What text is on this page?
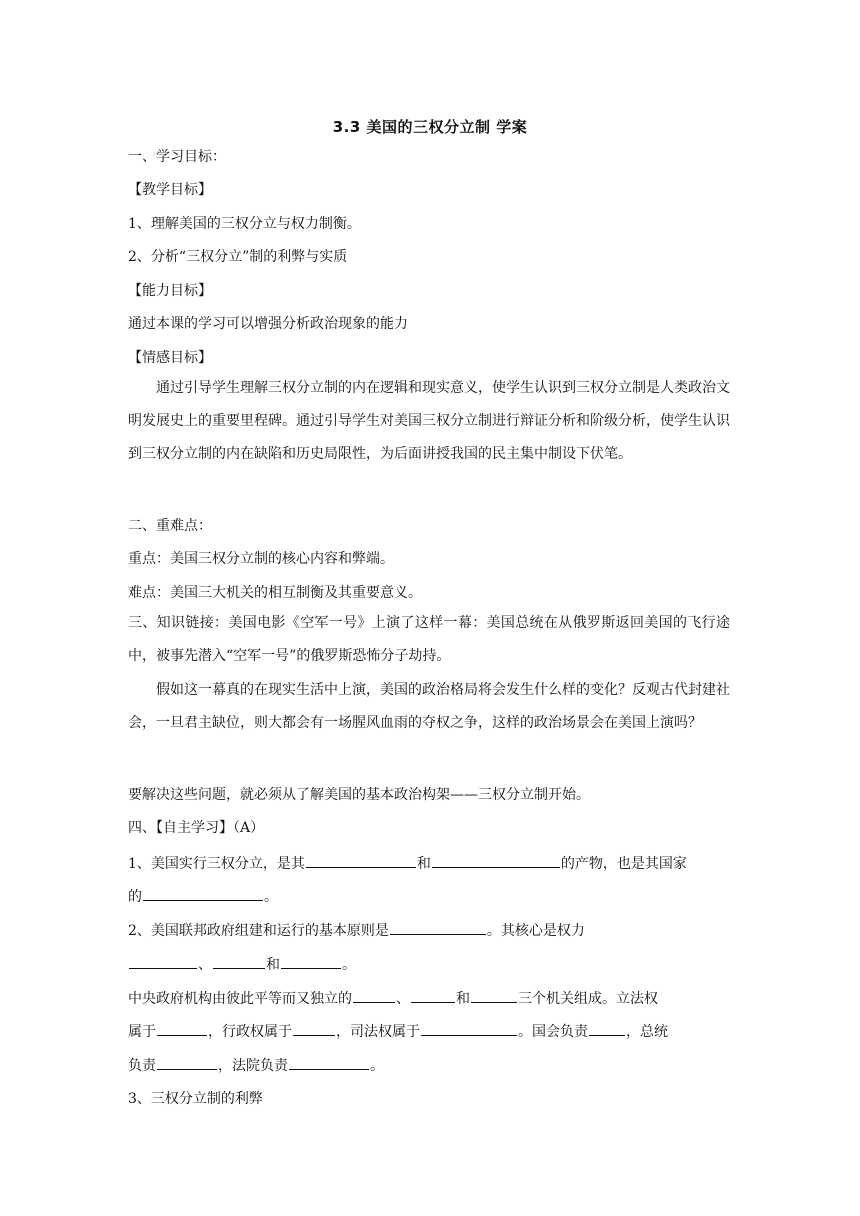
3.3 美国的三权分立制 学案
一、学习目标：
【教学目标】
1、理解美国的三权分立与权力制衡。
2、分析“三权分立”制的利弊与实质
【能力目标】
通过本课的学习可以增强分析政治现象的能力
【情感目标】
通过引导学生理解三权分立制的内在逻辑和现实意义，使学生认识到三权分立制是人类政治文明发展史上的重要里程碑。通过引导学生对美国三权分立制进行辩证分析和阶级分析，使学生认识到三权分立制的内在缺陷和历史局限性，为后面讲授我国的民主集中制设下伏笔。
二、重难点：
重点：美国三权分立制的核心内容和弊端。
难点：美国三大机关的相互制衡及其重要意义。
三、知识链接：美国电影《空军一号》上演了这样一幕：美国总统在从俄罗斯返回美国的飞行途中，被事先潜入“空军一号”的俄罗斯恐怖分子劫持。
假如这一幕真的在现实生活中上演，美国的政治格局将会发生什么样的变化？反观古代封建社会，一旦君主缺位，则大都会有一场腥风血雨的夺权之争，这样的政治场景会在美国上演吗？
要解决这些问题，就必须从了解美国的基本政治构架——三权分立制开始。
四、【自主学习】（A）
1、美国实行三权分立，是其	和	的产物，也是其国家
的	。
2、美国联邦政府组建和运行的基本原则是	。其核心是权力
、	和	。
中央政府机构由彼此平等而又独立的	、	和	三个机关组成。立法权
属于	，行政权属于	，司法权属于	。国会负责	，总统
负责	，法院负责	。
3、三权分立制的利弊
